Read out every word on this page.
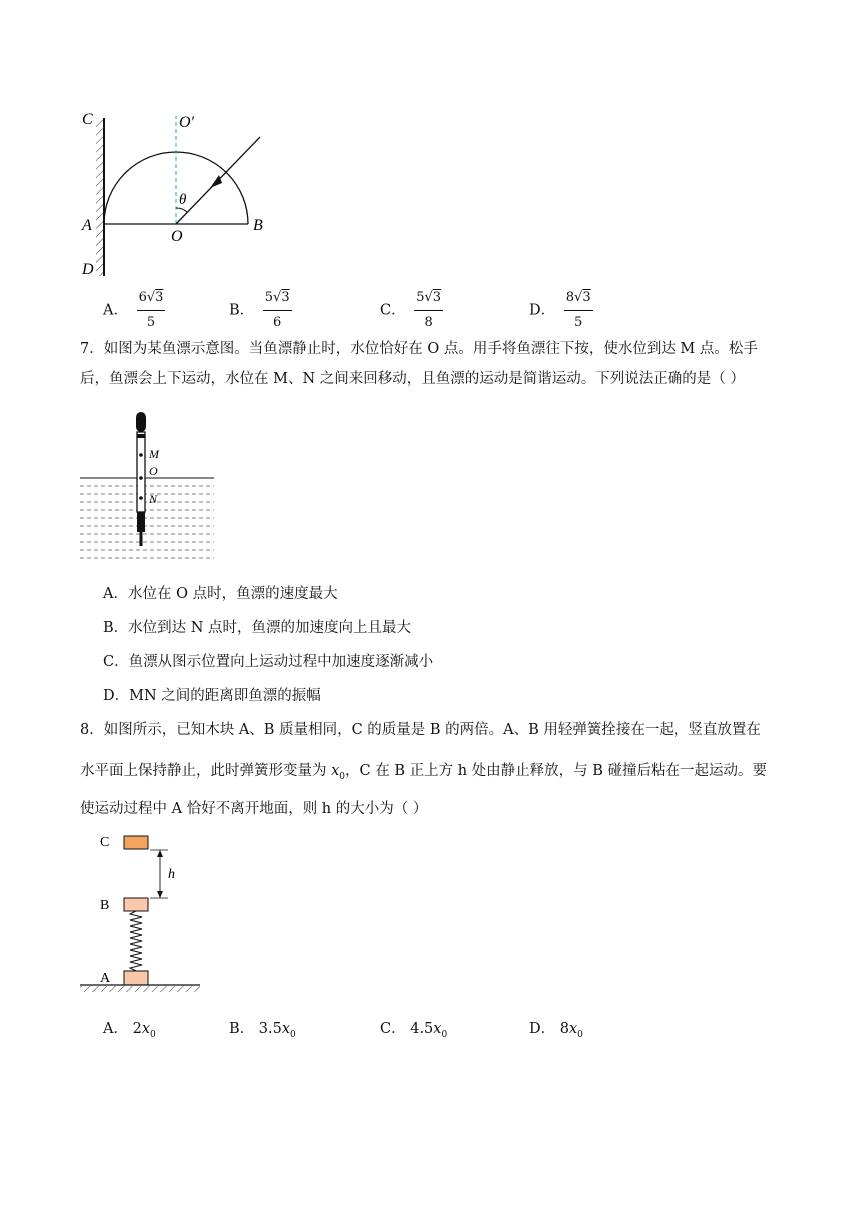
C	O′
θ
A
O
B
D
A． $\frac{6√3}{5}$	B． $\frac{5√3}{6}$	C． $\frac{5√3}{8}$	D． $\frac{8√3}{5}$
7．如图为某鱼漂示意图。当鱼漂静止时，水位恰好在 O 点。用手将鱼漂往下按，使水位到达 M 点。松手
后，鱼漂会上下运动，水位在 M、N 之间来回移动，且鱼漂的运动是简谐运动。下列说法正确的是（ ）
M
O
N
A．水位在 O 点时，鱼漂的速度最大
B．水位到达 N 点时，鱼漂的加速度向上且最大
C．鱼漂从图示位置向上运动过程中加速度逐渐减小
D．MN 之间的距离即鱼漂的振幅
8．如图所示，已知木块 A、B 质量相同，C 的质量是 B 的两倍。A、B 用轻弹簧拴接在一起，竖直放置在
水平面上保持静止，此时弹簧形变量为 $x_0$，C 在 B 正上方 h 处由静止释放，与 B 碰撞后粘在一起运动。要
使运动过程中 A 恰好不离开地面，则 h 的大小为（ ）
C
h
B
A
A． $2x_0$	B． $3.5x_0$	C． $4.5x_0$	D． $8x_0$
